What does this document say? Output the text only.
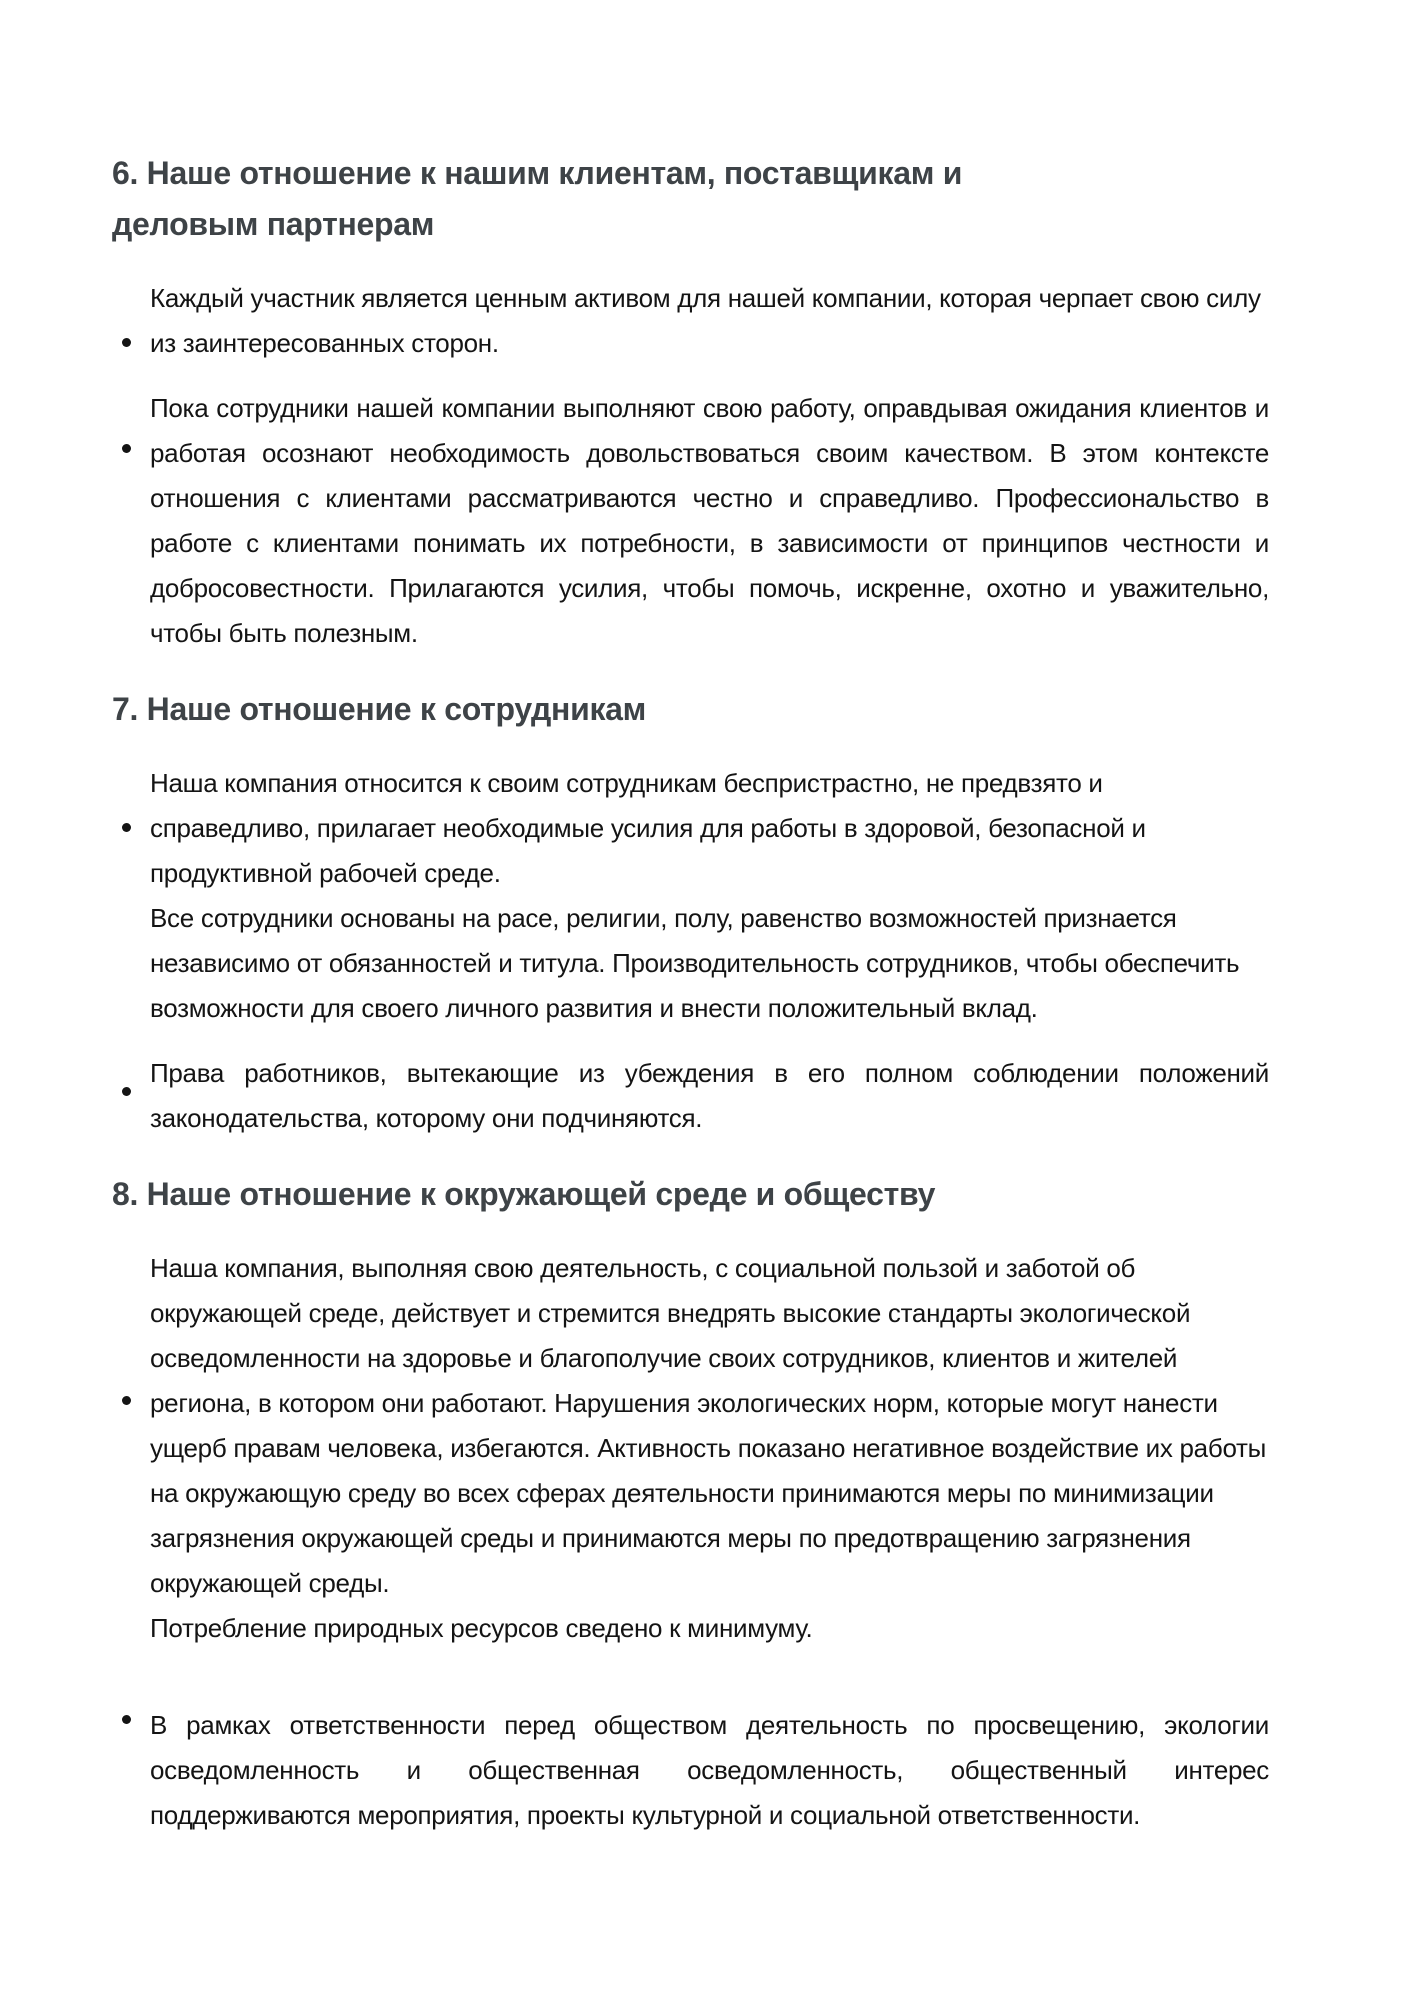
6. Наше отношение к нашим клиентам, поставщикам и деловым партнерам

Каждый участник является ценным активом для нашей компании, которая черпает свою силу из заинтересованных сторон.

Пока сотрудники нашей компании выполняют свою работу, оправдывая ожидания клиентов и работая осознают необходимость довольствоваться своим качеством. В этом контексте отношения с клиентами рассматриваются честно и справедливо. Профессиональство в работе с клиентами понимать их потребности, в зависимости от принципов честности и добросовестности. Прилагаются усилия, чтобы помочь, искренне, охотно и уважительно, чтобы быть полезным.

7. Наше отношение к сотрудникам

Наша компания относится к своим сотрудникам беспристрастно, не предвзято и справедливо, прилагает необходимые усилия для работы в здоровой, безопасной и продуктивной рабочей среде.

Все сотрудники основаны на расе, религии, полу, равенство возможностей признается независимо от обязанностей и титула. Производительность сотрудников, чтобы обеспечить возможности для своего личного развития и внести положительный вклад.

Права работников, вытекающие из убеждения в его полном соблюдении положений законодательства, которому они подчиняются.

8. Наше отношение к окружающей среде и обществу

Наша компания, выполняя свою деятельность, с социальной пользой и заботой об окружающей среде, действует и стремится внедрять высокие стандарты экологической осведомленности на здоровье и благополучие своих сотрудников, клиентов и жителей региона, в котором они работают. Нарушения экологических норм, которые могут нанести ущерб правам человека, избегаются. Активность показано негативное воздействие их работы на окружающую среду во всех сферах деятельности принимаются меры по минимизации загрязнения окружающей среды и принимаются меры по предотвращению загрязнения окружающей среды.

Потребление природных ресурсов сведено к минимуму.

В рамках ответственности перед обществом деятельность по просвещению, экологии осведомленность и общественная осведомленность, общественный интерес поддерживаются мероприятия, проекты культурной и социальной ответственности.
